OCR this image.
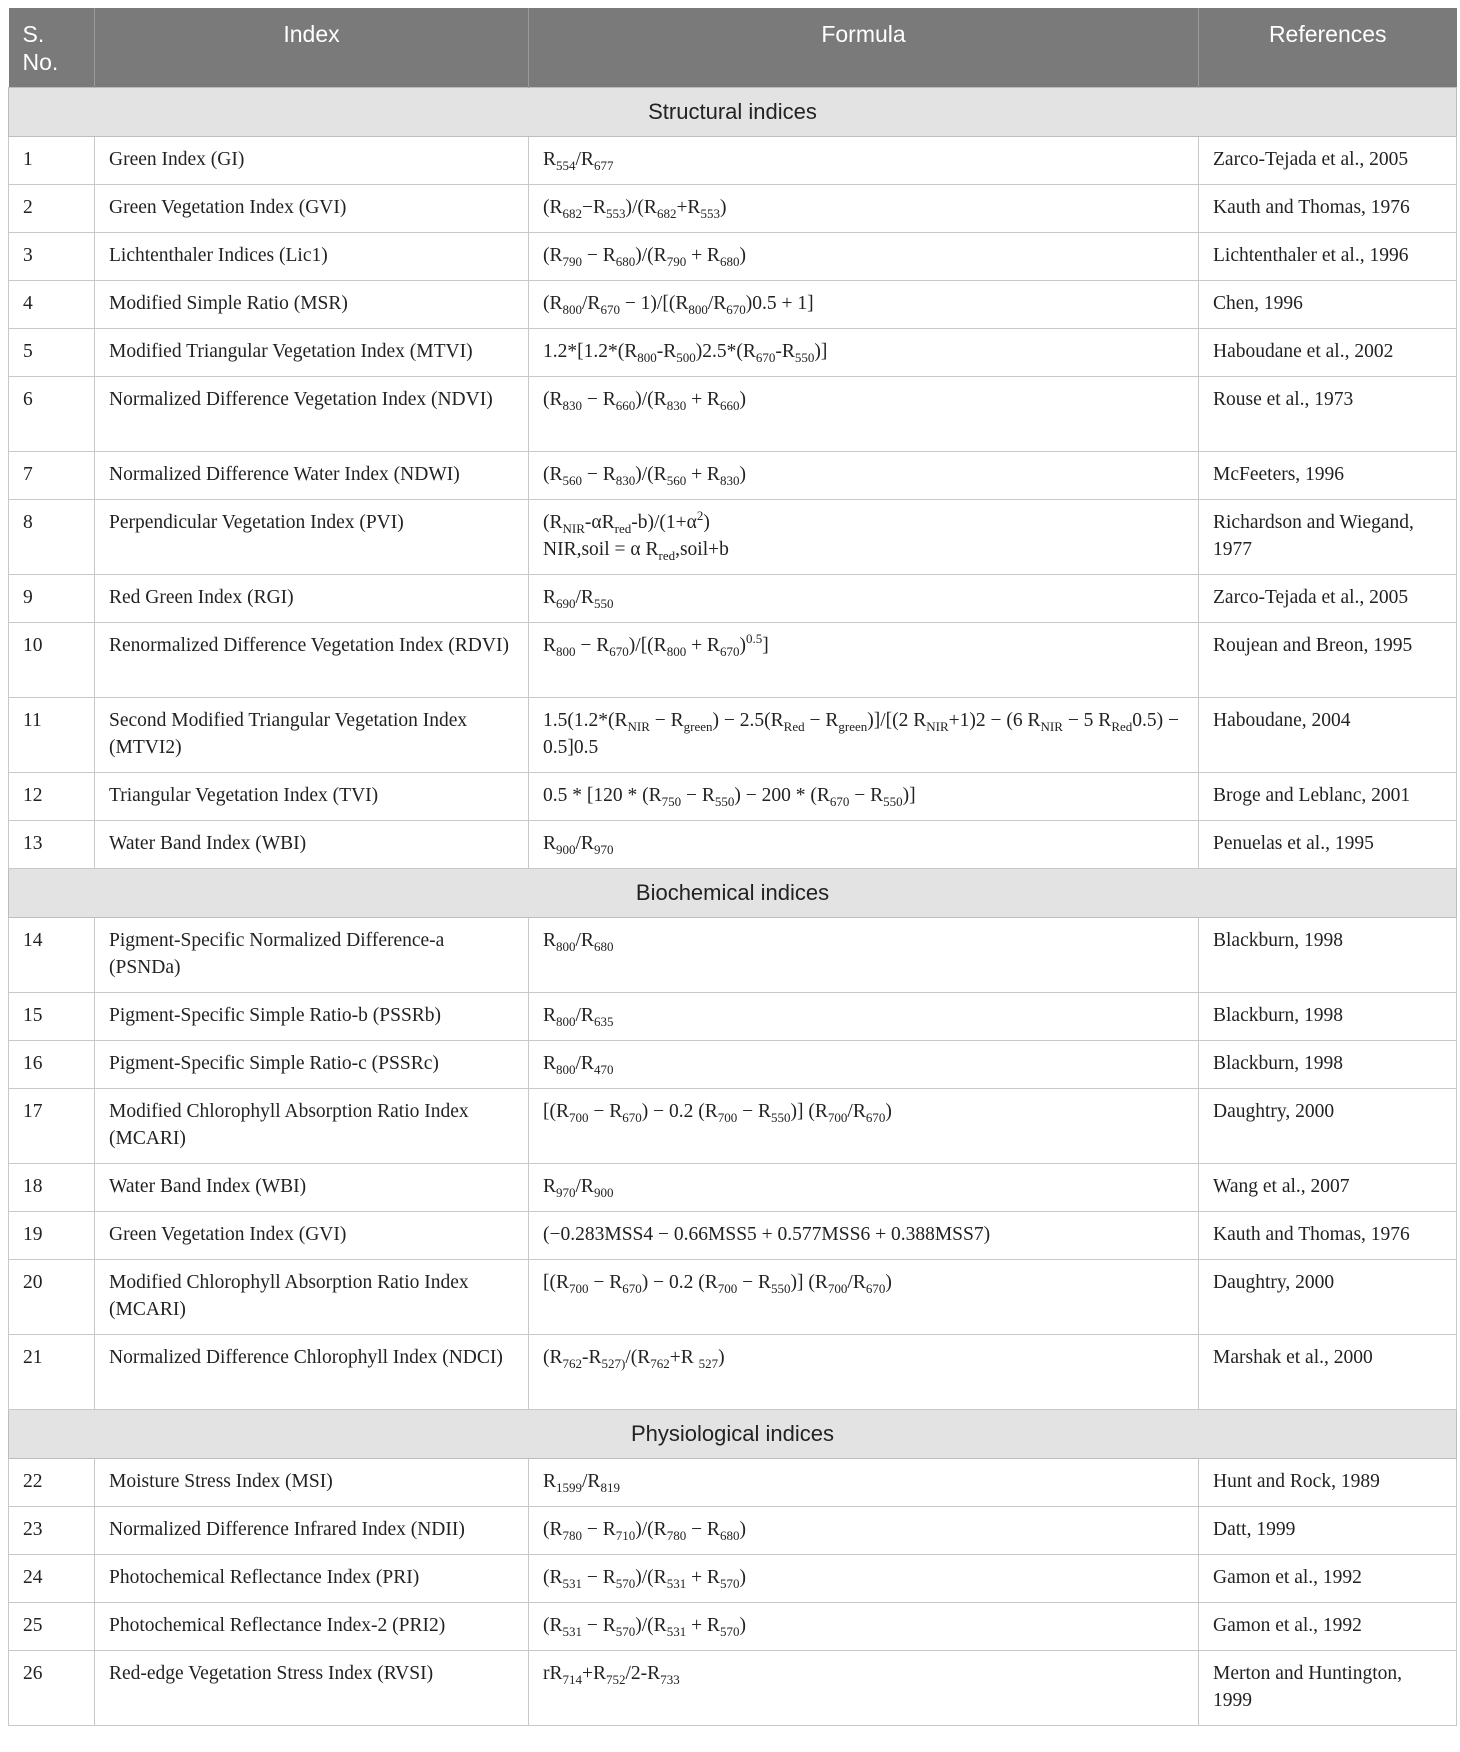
S. No.	Index	Formula	References
Structural indices			
1	Green Index (GI)	$R_{554}/R_{677}$	Zarco-Tejada et al., 2005
2	Green Vegetation Index (GVI)	$(R_{682}-R_{553})/(R_{682}+R_{553})$	Kauth and Thomas, 1976
3	Lichtenthaler Indices (Lic1)	$(R_{790} - R_{680})/(R_{790} + R_{680})$	Lichtenthaler et al., 1996
4	Modified Simple Ratio (MSR)	$(R_{800}/R_{670} - 1)/[(R_{800}/R_{670})0.5 + 1]$	Chen, 1996
5	Modified Triangular Vegetation Index (MTVI)	$1.2*[1.2*(R_{800}-R_{500})2.5*(R_{670}-R_{550})]$	Haboudane et al., 2002
6	Normalized Difference Vegetation Index (NDVI)	$(R_{830} - R_{660})/(R_{830} + R_{660})$	Rouse et al., 1973
7	Normalized Difference Water Index (NDWI)	$(R_{560} - R_{830})/(R_{560} + R_{830})$	McFeeters, 1996
8	Perpendicular Vegetation Index (PVI)	$(R_{NIR}-\alpha R_{red}-b)/(1+\alpha^2)$
NIR,soil = α $R_{red},soil+b$	Richardson and Wiegand, 1977
9	Red Green Index (RGI)	$R_{690}/R_{550}$	Zarco-Tejada et al., 2005
10	Renormalized Difference Vegetation Index (RDVI)	$R_{800} - R_{670})/[(R_{800} + R_{670})^{0.5}]$	Roujean and Breon, 1995
11	Second Modified Triangular Vegetation Index (MTVI2)	$1.5(1.2*(R_{NIR} - R_{green}) - 2.5(R_{Red} - R_{green})]/[(2$ $R_{NIR}+1)2 - (6$ $R_{NIR} - 5$ $R_{Red}0.5) - 0.5]0.5$	Haboudane, 2004
12	Triangular Vegetation Index (TVI)	$0.5 * [120 * (R_{750} - R_{550}) - 200 * (R_{670} - R_{550})]$	Broge and Leblanc, 2001
13	Water Band Index (WBI)	$R_{900}/R_{970}$	Penuelas et al., 1995
Biochemical indices			
14	Pigment-Specific Normalized Difference-a (PSNDa)	$R_{800}/R_{680}$	Blackburn, 1998
15	Pigment-Specific Simple Ratio-b (PSSRb)	$R_{800}/R_{635}$	Blackburn, 1998
16	Pigment-Specific Simple Ratio-c (PSSRc)	$R_{800}/R_{470}$	Blackburn, 1998
17	Modified Chlorophyll Absorption Ratio Index (MCARI)	[$(R_{700} - R_{670}) - 0.2$ $(R_{700} - R_{550})$] $(R_{700}/R_{670})$	Daughtry, 2000
18	Water Band Index (WBI)	$R_{970}/R_{900}$	Wang et al., 2007
19	Green Vegetation Index (GVI)	(−0.283MSS4 − 0.66MSS5 + 0.577MSS6 + 0.388MSS7)	Kauth and Thomas, 1976
20	Modified Chlorophyll Absorption Ratio Index (MCARI)	[$(R_{700} - R_{670}) - 0.2$ $(R_{700} - R_{550})$] $(R_{700}/R_{670})$	Daughtry, 2000
21	Normalized Difference Chlorophyll Index (NDCI)	($R_{762}-R_{527)}/(R_{762}+R$ $_{527}$)	Marshak et al., 2000
Physiological indices			
22	Moisture Stress Index (MSI)	$R_{1599}/R_{819}$	Hunt and Rock, 1989
23	Normalized Difference Infrared Index (NDII)	$(R_{780} - R_{710})/(R_{780} - R_{680})$	Datt, 1999
24	Photochemical Reflectance Index (PRI)	$(R_{531} - R_{570})/(R_{531} + R_{570})$	Gamon et al., 1992
25	Photochemical Reflectance Index-2 (PRI2)	$(R_{531} - R_{570})/(R_{531} + R_{570})$	Gamon et al., 1992
26	Red-edge Vegetation Stress Index (RVSI)	$rR_{714}+R_{752}/2-R_{733}$	Merton and Huntington, 1999
